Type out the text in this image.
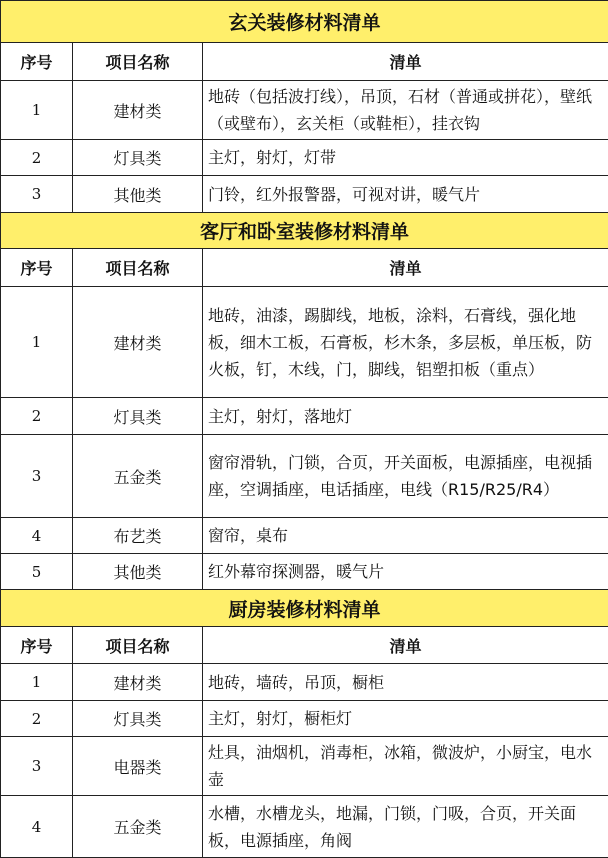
玄关装修材料清单		
序号	项目名称	清单
1	建材类	地砖（包括波打线），吊顶，石材（普通或拼花），壁纸（或壁布），玄关柜（或鞋柜），挂衣钩
2	灯具类	主灯，射灯，灯带
3	其他类	门铃，红外报警器，可视对讲，暖气片
客厅和卧室装修材料清单		
序号	项目名称	清单
1	建材类	地砖，油漆，踢脚线，地板，涂料，石膏线，强化地板，细木工板，石膏板，杉木条，多层板，单压板，防火板，钉，木线，门，脚线，铝塑扣板（重点）
2	灯具类	主灯，射灯，落地灯
3	五金类	窗帘滑轨，门锁，合页，开关面板，电源插座，电视插座，空调插座，电话插座，电线（R15/R25/R4）
4	布艺类	窗帘，桌布
5	其他类	红外幕帘探测器，暖气片
厨房装修材料清单		
序号	项目名称	清单
1	建材类	地砖，墙砖，吊顶，橱柜
2	灯具类	主灯，射灯，橱柜灯
3	电器类	灶具，油烟机，消毒柜，冰箱，微波炉，小厨宝，电水壶
4	五金类	水槽，水槽龙头，地漏，门锁，门吸，合页，开关面板，电源插座，角阀
